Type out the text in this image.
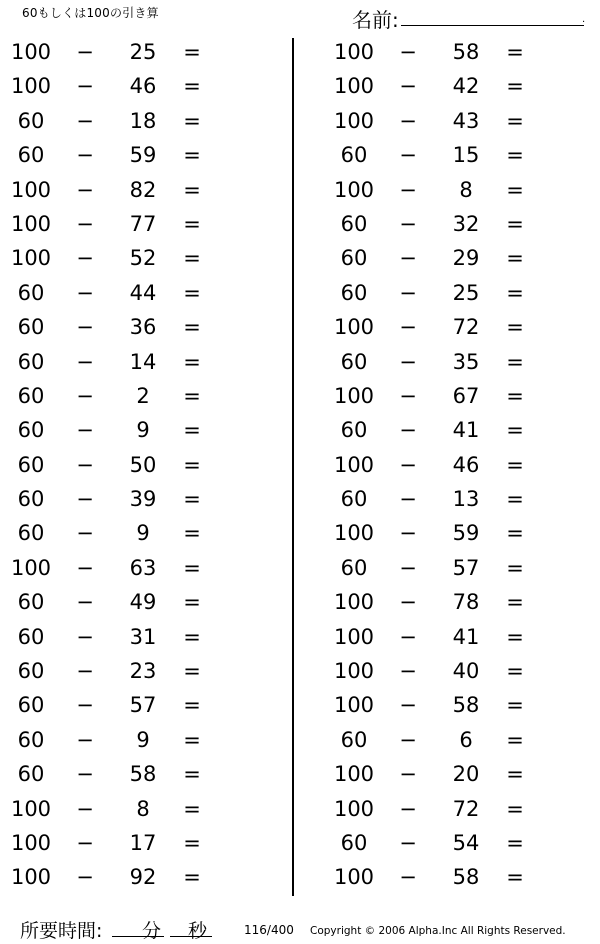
60もしくは100の引き算	名前:	.
100	−	25	=
100	−	46	=
60	−	18	=
60	−	59	=
100	−	82	=
100	−	77	=
100	−	52	=
60	−	44	=
60	−	36	=
60	−	14	=
60	−	2	=
60	−	9	=
60	−	50	=
60	−	39	=
60	−	9	=
100	−	63	=
60	−	49	=
60	−	31	=
60	−	23	=
60	−	57	=
60	−	9	=
60	−	58	=
100	−	8	=
100	−	17	=
100	−	92	=
100	−	58	=
100	−	42	=
100	−	43	=
60	−	15	=
100	−	8	=
60	−	32	=
60	−	29	=
60	−	25	=
100	−	72	=
60	−	35	=
100	−	67	=
60	−	41	=
100	−	46	=
60	−	13	=
100	−	59	=
60	−	57	=
100	−	78	=
100	−	41	=
100	−	40	=
100	−	58	=
60	−	6	=
100	−	20	=
100	−	72	=
60	−	54	=
100	−	58	=
所要時間: 分 秒	116/400 Copyright © 2006 Alpha.Inc All Rights Reserved.
